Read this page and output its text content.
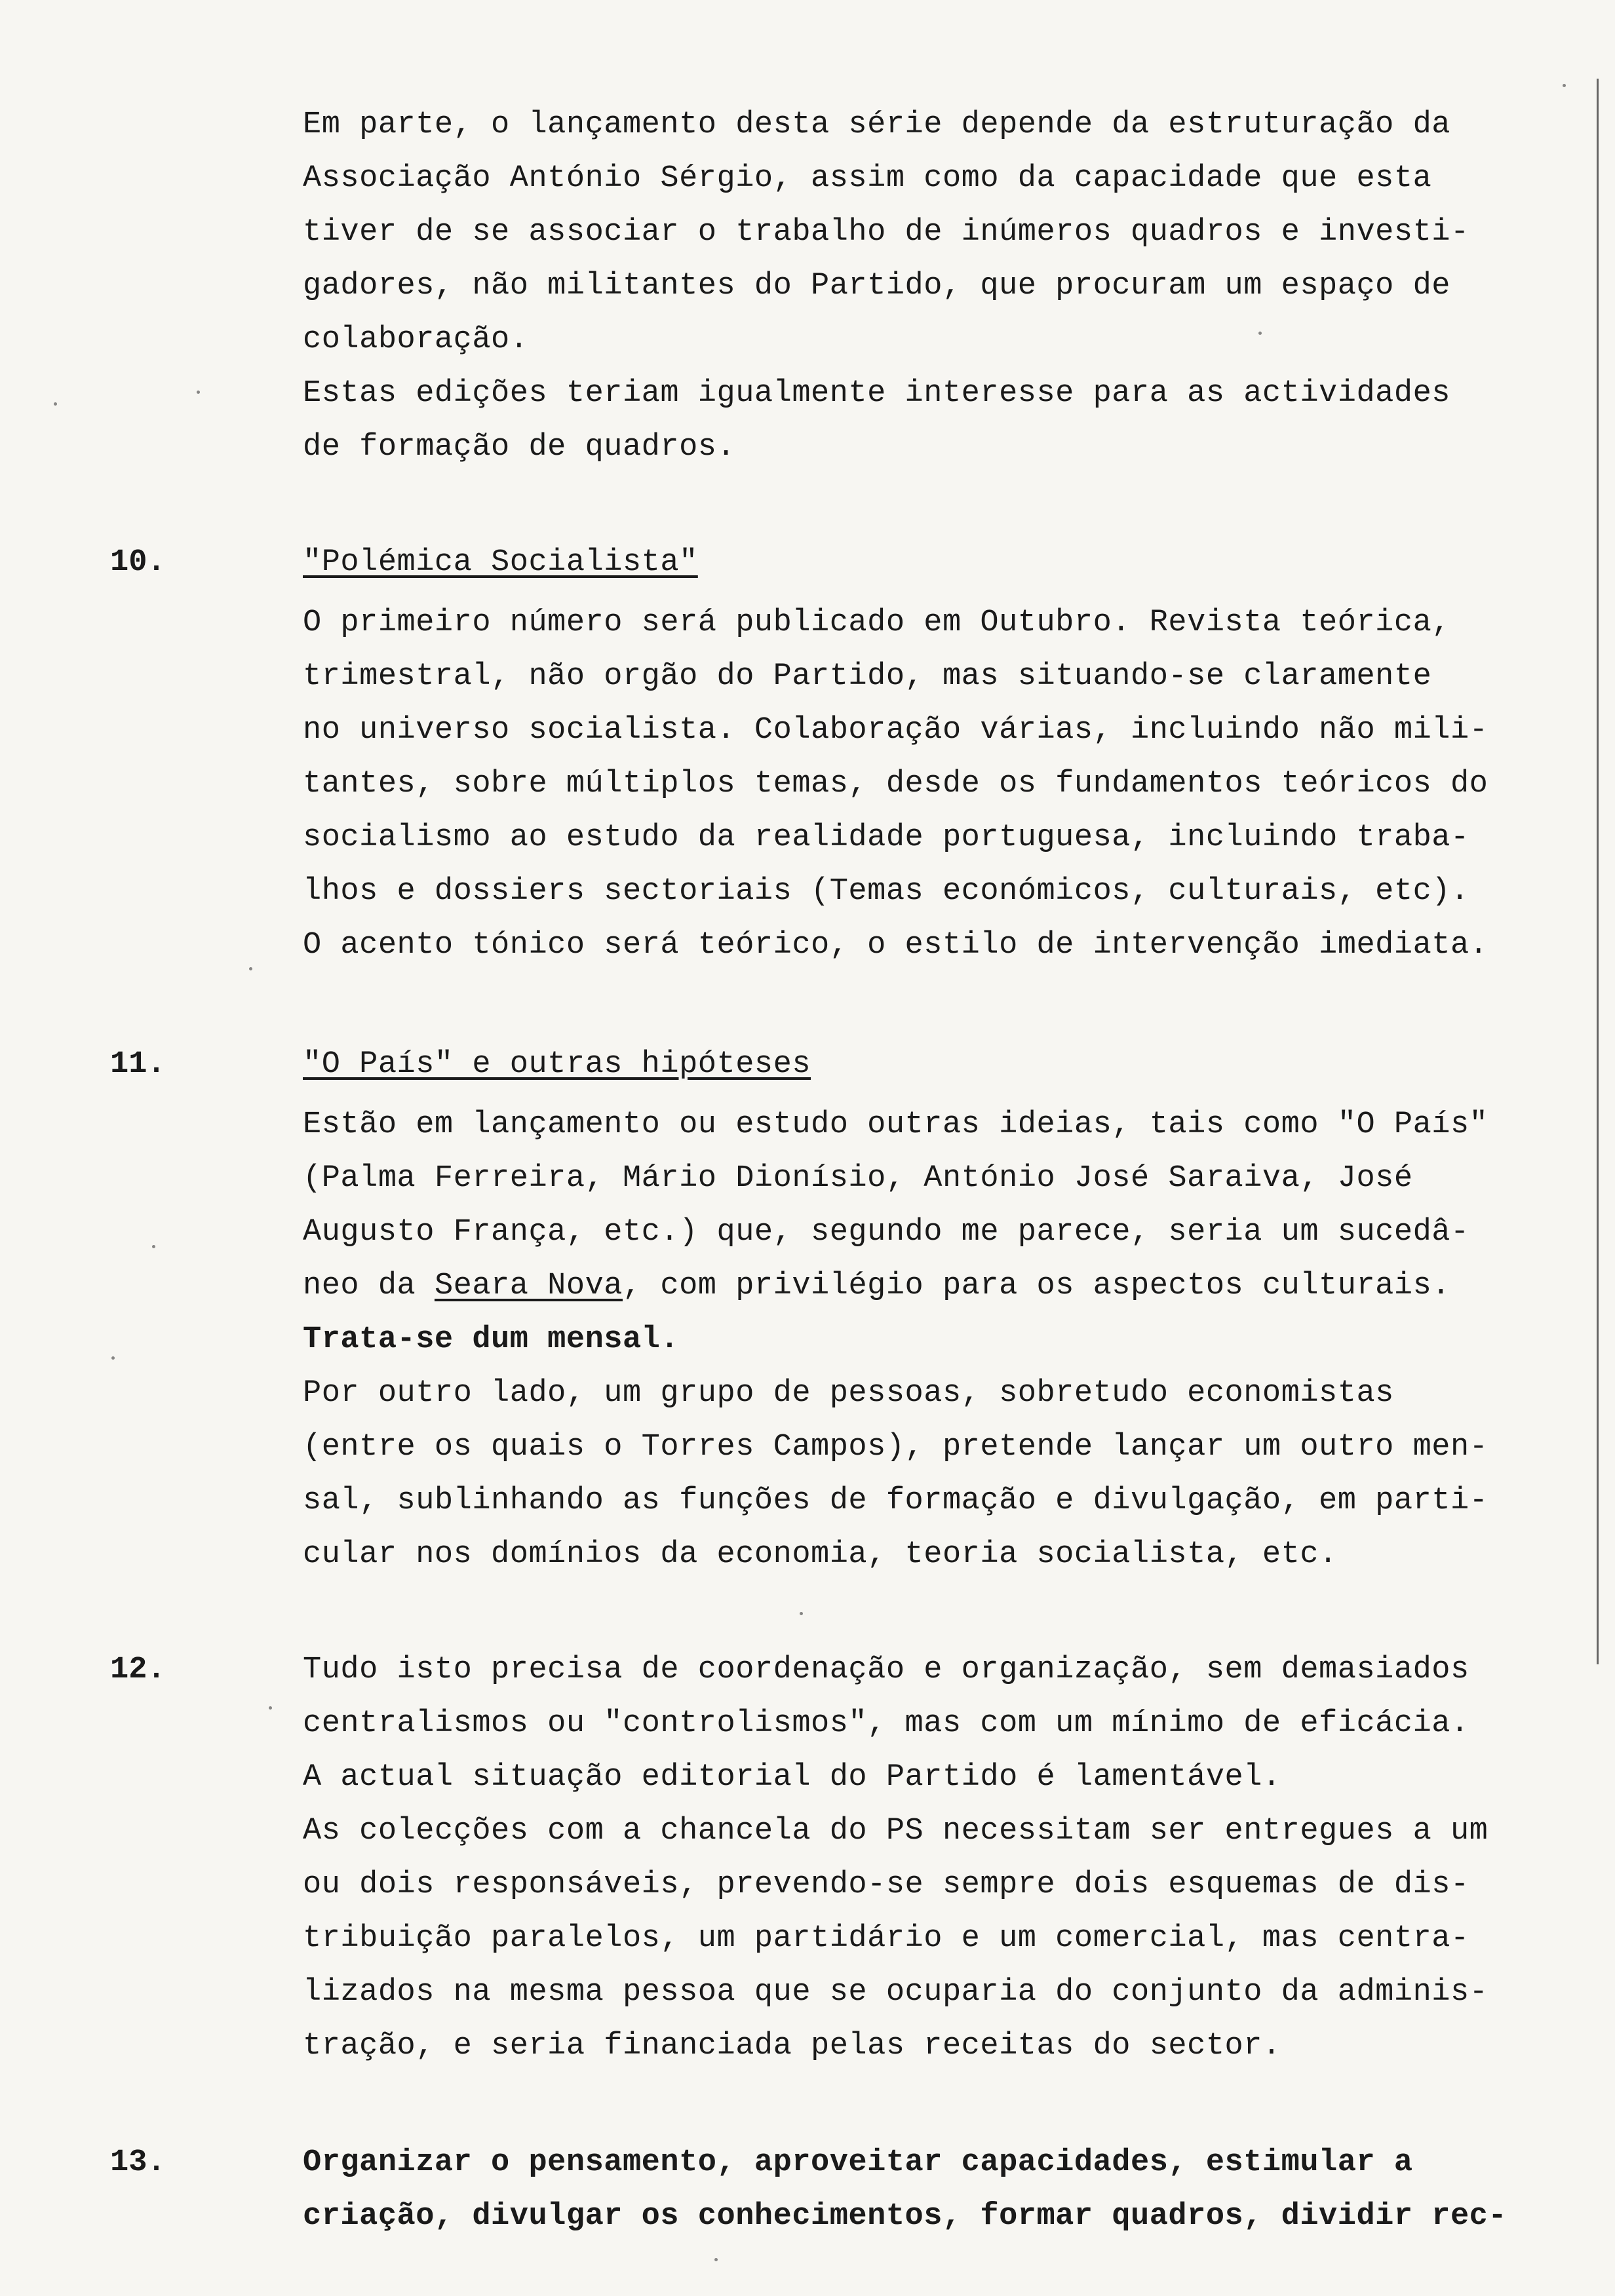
Em parte, o lançamento desta série depende da estruturação da
Associação António Sérgio, assim como da capacidade que esta
tiver de se associar o trabalho de inúmeros quadros e investi-
gadores, não militantes do Partido, que procuram um espaço de
colaboração.
Estas edições teriam igualmente interesse para as actividades
de formação de quadros.
10.	"Polémica Socialista"
O primeiro número será publicado em Outubro. Revista teórica,
trimestral, não orgão do Partido, mas situando-se claramente
no universo socialista. Colaboração várias, incluindo não mili-
tantes, sobre múltiplos temas, desde os fundamentos teóricos do
socialismo ao estudo da realidade portuguesa, incluindo traba-
lhos e dossiers sectoriais (Temas económicos, culturais, etc).
O acento tónico será teórico, o estilo de intervenção imediata.
11.	"O País" e outras hipóteses
Estão em lançamento ou estudo outras ideias, tais como "O País"
(Palma Ferreira, Mário Dionísio, António José Saraiva, José
Augusto França, etc.) que, segundo me parece, seria um sucedâ-
neo da Seara Nova, com privilégio para os aspectos culturais.
Trata-se dum mensal.
Por outro lado, um grupo de pessoas, sobretudo economistas
(entre os quais o Torres Campos), pretende lançar um outro men-
sal, sublinhando as funções de formação e divulgação, em parti-
cular nos domínios da economia, teoria socialista, etc.
12.	Tudo isto precisa de coordenação e organização, sem demasiados
centralismos ou "controlismos", mas com um mínimo de eficácia.
A actual situação editorial do Partido é lamentável.
As colecções com a chancela do PS necessitam ser entregues a um
ou dois responsáveis, prevendo-se sempre dois esquemas de dis-
tribuição paralelos, um partidário e um comercial, mas centra-
lizados na mesma pessoa que se ocuparia do conjunto da adminis-
tração, e seria financiada pelas receitas do sector.
13.	Organizar o pensamento, aproveitar capacidades, estimular a
criação, divulgar os conhecimentos, formar quadros, dividir rec-
